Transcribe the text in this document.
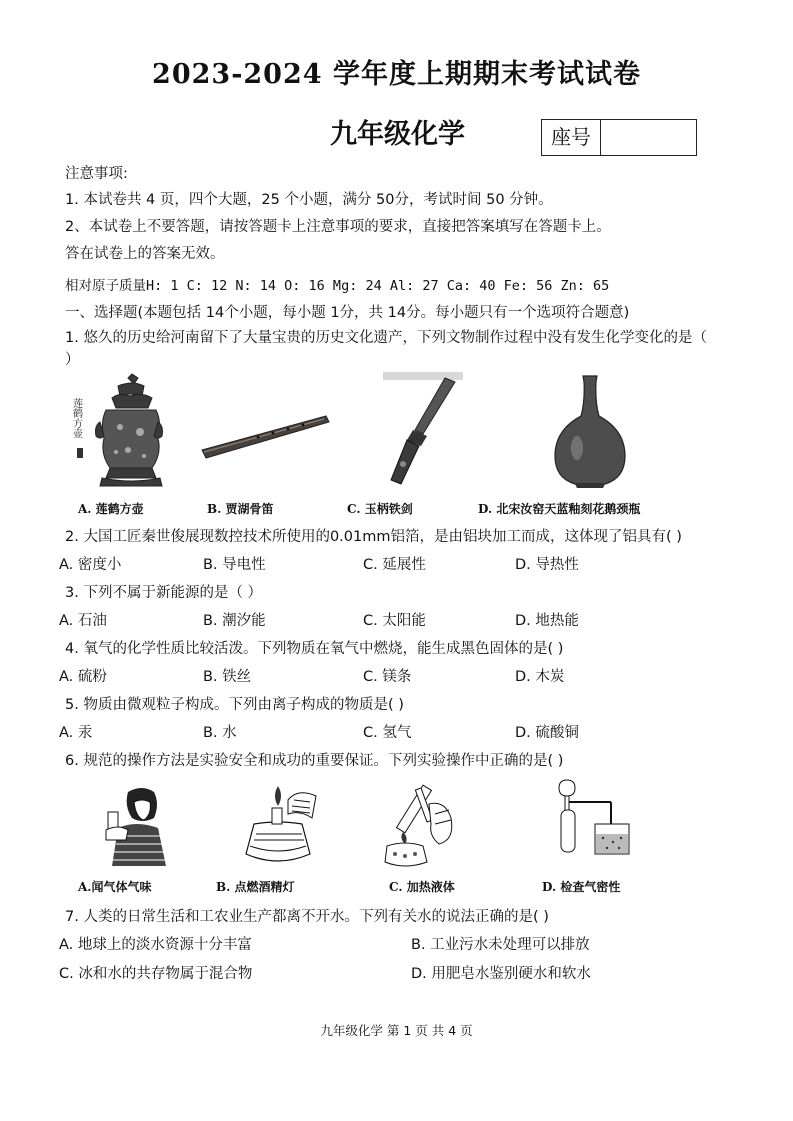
2023-2024 学年度上期期末考试试卷
九年级化学	座号
注意事项:
1. 本试卷共 4 页，四个大题，25 个小题，满分 50分，考试时间 50 分钟。
2、本试卷上不要答题，请按答题卡上注意事项的要求，直接把答案填写在答题卡上。
答在试卷上的答案无效。
相对原子质量H: 1 C: 12 N: 14 O: 16 Mg: 24 Al: 27 Ca: 40 Fe: 56 Zn: 65
一、选择题(本题包括 14个小题，每小题 1分，共 14分。每小题只有一个选项符合题意)
1. 悠久的历史给河南留下了大量宝贵的历史文化遗产，下列文物制作过程中没有发生化学变化的是（
）
莲鹤方壶
A. 莲鹤方壶	B. 贾湖骨笛	C. 玉柄铁剑	D. 北宋汝窑天蓝釉刻花鹅颈瓶
2. 大国工匠秦世俊展现数控技术所使用的0.01mm铝箔，是由铝块加工而成，这体现了铝具有( )
A. 密度小	B. 导电性	C. 延展性	D. 导热性
3. 下列不属于新能源的是（ ）
A. 石油	B. 潮汐能	C. 太阳能	D. 地热能
4. 氧气的化学性质比较活泼。下列物质在氧气中燃烧，能生成黑色固体的是( )
A. 硫粉	B. 铁丝	C. 镁条	D. 木炭
5. 物质由微观粒子构成。下列由离子构成的物质是( )
A. 汞	B. 水	C. 氢气	D. 硫酸铜
6. 规范的操作方法是实验安全和成功的重要保证。下列实验操作中正确的是( )
A.闻气体气味	B. 点燃酒精灯	C. 加热液体	D. 检查气密性
7. 人类的日常生活和工农业生产都离不开水。下列有关水的说法正确的是( )
A. 地球上的淡水资源十分丰富	B. 工业污水未处理可以排放
C. 冰和水的共存物属于混合物	D. 用肥皂水鉴别硬水和软水
九年级化学 第 1 页 共 4 页
